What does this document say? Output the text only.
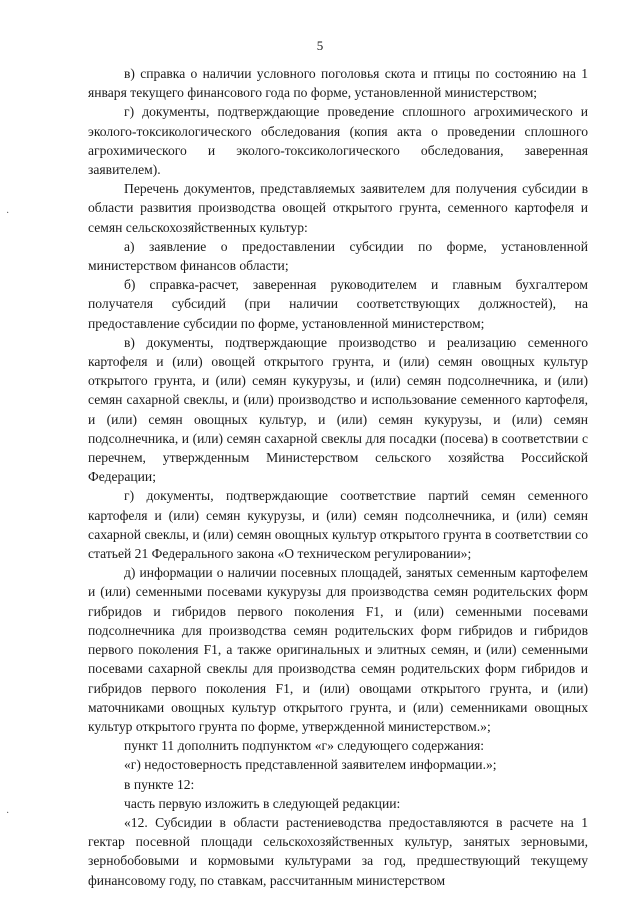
5
·
·

в) справка о наличии условного поголовья скота и птицы по состоянию на 1 января текущего финансового года по форме, установленной министерством;

г) документы, подтверждающие проведение сплошного агрохимического и эколого-токсикологического обследования (копия акта о проведении сплошного агрохимического и эколого-токсикологического обследования, заверенная заявителем).

Перечень документов, представляемых заявителем для получения субсидии в области развития производства овощей открытого грунта, семенного картофеля и семян сельскохозяйственных культур:

а) заявление о предоставлении субсидии по форме, установленной министерством финансов области;

б) справка-расчет, заверенная руководителем и главным бухгалтером получателя субсидий (при наличии соответствующих должностей), на предоставление субсидии по форме, установленной министерством;

в) документы, подтверждающие производство и реализацию семенного картофеля и (или) овощей открытого грунта, и (или) семян овощных культур открытого грунта, и (или) семян кукурузы, и (или) семян подсолнечника, и (или) семян сахарной свеклы, и (или) производство и использование семенного картофеля, и (или) семян овощных культур, и (или) семян кукурузы, и (или) семян подсолнечника, и (или) семян сахарной свеклы для посадки (посева) в соответствии с перечнем, утвержденным Министерством сельского хозяйства Российской Федерации;

г) документы, подтверждающие соответствие партий семян семенного картофеля и (или) семян кукурузы, и (или) семян подсолнечника, и (или) семян сахарной свеклы, и (или) семян овощных культур открытого грунта в соответствии со статьей 21 Федерального закона «О техническом регулировании»;

д) информации о наличии посевных площадей, занятых семенным картофелем и (или) семенными посевами кукурузы для производства семян родительских форм гибридов и гибридов первого поколения F1, и (или) семенными посевами подсолнечника для производства семян родительских форм гибридов и гибридов первого поколения F1, а также оригинальных и элитных семян, и (или) семенными посевами сахарной свеклы для производства семян родительских форм гибридов и гибридов первого поколения F1, и (или) овощами открытого грунта, и (или) маточниками овощных культур открытого грунта, и (или) семенниками овощных культур открытого грунта по форме, утвержденной министерством.»;

пункт 11 дополнить подпунктом «г» следующего содержания:

«г) недостоверность представленной заявителем информации.»;

в пункте 12:

часть первую изложить в следующей редакции:

«12. Субсидии в области растениеводства предоставляются в расчете на 1 гектар посевной площади сельскохозяйственных культур, занятых зерновыми, зернобобовыми и кормовыми культурами за год, предшествующий текущему финансовому году, по ставкам, рассчитанным министерством
